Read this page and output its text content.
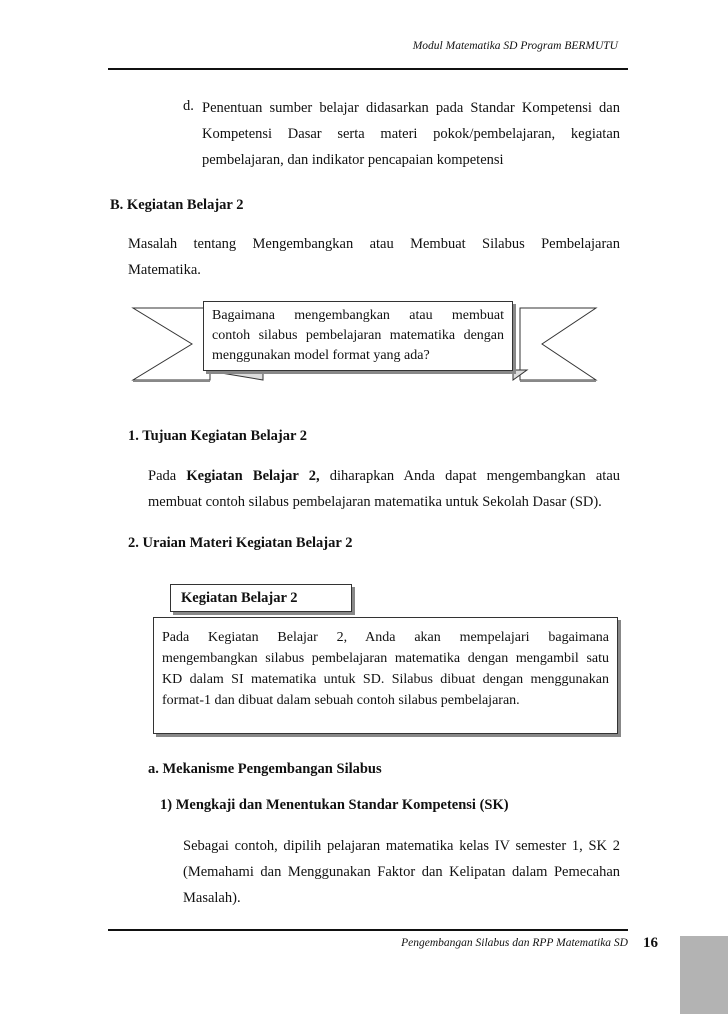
Modul Matematika SD Program BERMUTU
d. Penentuan sumber belajar didasarkan pada Standar Kompetensi dan
Kompetensi Dasar serta materi pokok/pembelajaran, kegiatan
pembelajaran, dan indikator pencapaian kompetensi
B. Kegiatan Belajar 2
Masalah tentang Mengembangkan atau Membuat Silabus Pembelajaran
Matematika.
Bagaimana mengembangkan atau membuat
contoh silabus pembelajaran matematika dengan
menggunakan model format yang ada?
1. Tujuan Kegiatan Belajar 2
Pada Kegiatan Belajar 2, diharapkan Anda dapat mengembangkan atau
membuat contoh silabus pembelajaran matematika untuk Sekolah Dasar (SD).
2. Uraian Materi Kegiatan Belajar 2
Pada Kegiatan Belajar 2, Anda akan mempelajari bagaimana
mengembangkan silabus pembelajaran matematika dengan mengambil satu
KD dalam SI matematika untuk SD. Silabus dibuat dengan menggunakan
format-1 dan dibuat dalam sebuah contoh silabus pembelajaran.
Kegiatan Belajar 2
a. Mekanisme Pengembangan Silabus
1) Mengkaji dan Menentukan Standar Kompetensi (SK)
Sebagai contoh, dipilih pelajaran matematika kelas IV semester 1, SK 2
(Memahami dan Menggunakan Faktor dan Kelipatan dalam Pemecahan
Masalah).
Pengembangan Silabus dan RPP Matematika SD 16
